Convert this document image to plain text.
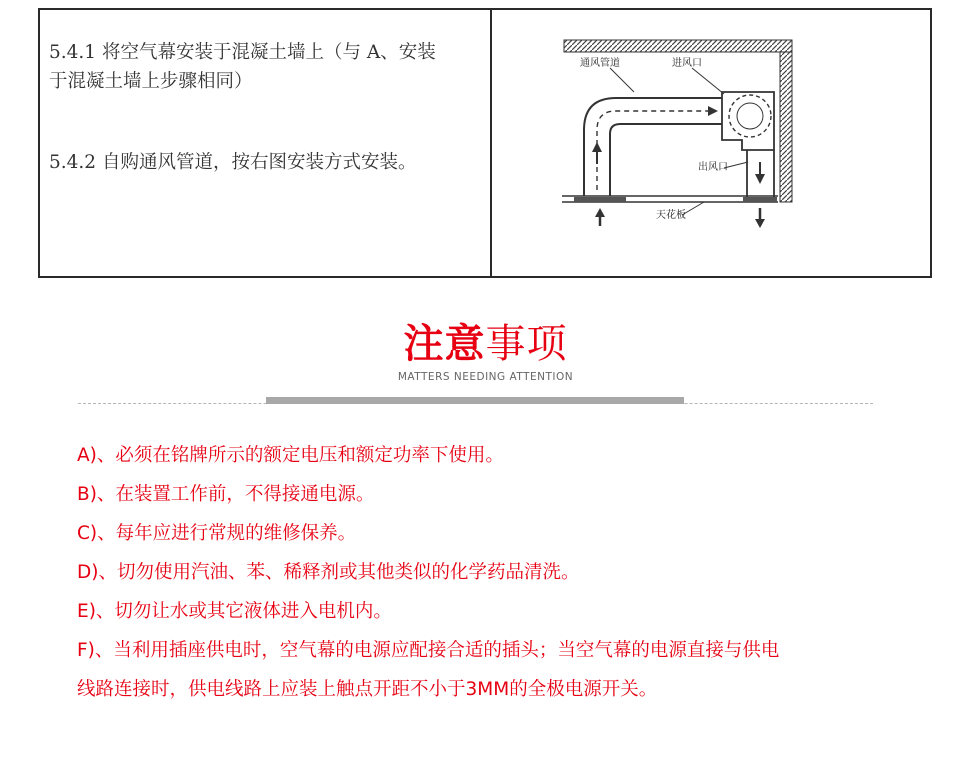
5.4.1 将空气幕安装于混凝土墙上（与 A、安装

于混凝土墙上步骤相同）

5.4.2 自购通风管道，按右图安装方式安装。

通风管道	进风口
出风口
天花板
注意事项
MATTERS NEEDING ATTENTION

A)、必须在铭牌所示的额定电压和额定功率下使用。

B)、在装置工作前，不得接通电源。

C)、每年应进行常规的维修保养。

D)、切勿使用汽油、苯、稀释剂或其他类似的化学药品清洗。

E)、切勿让水或其它液体进入电机内。

F)、当利用插座供电时，空气幕的电源应配接合适的插头；当空气幕的电源直接与供电

线路连接时，供电线路上应装上触点开距不小于3MM的全极电源开关。
